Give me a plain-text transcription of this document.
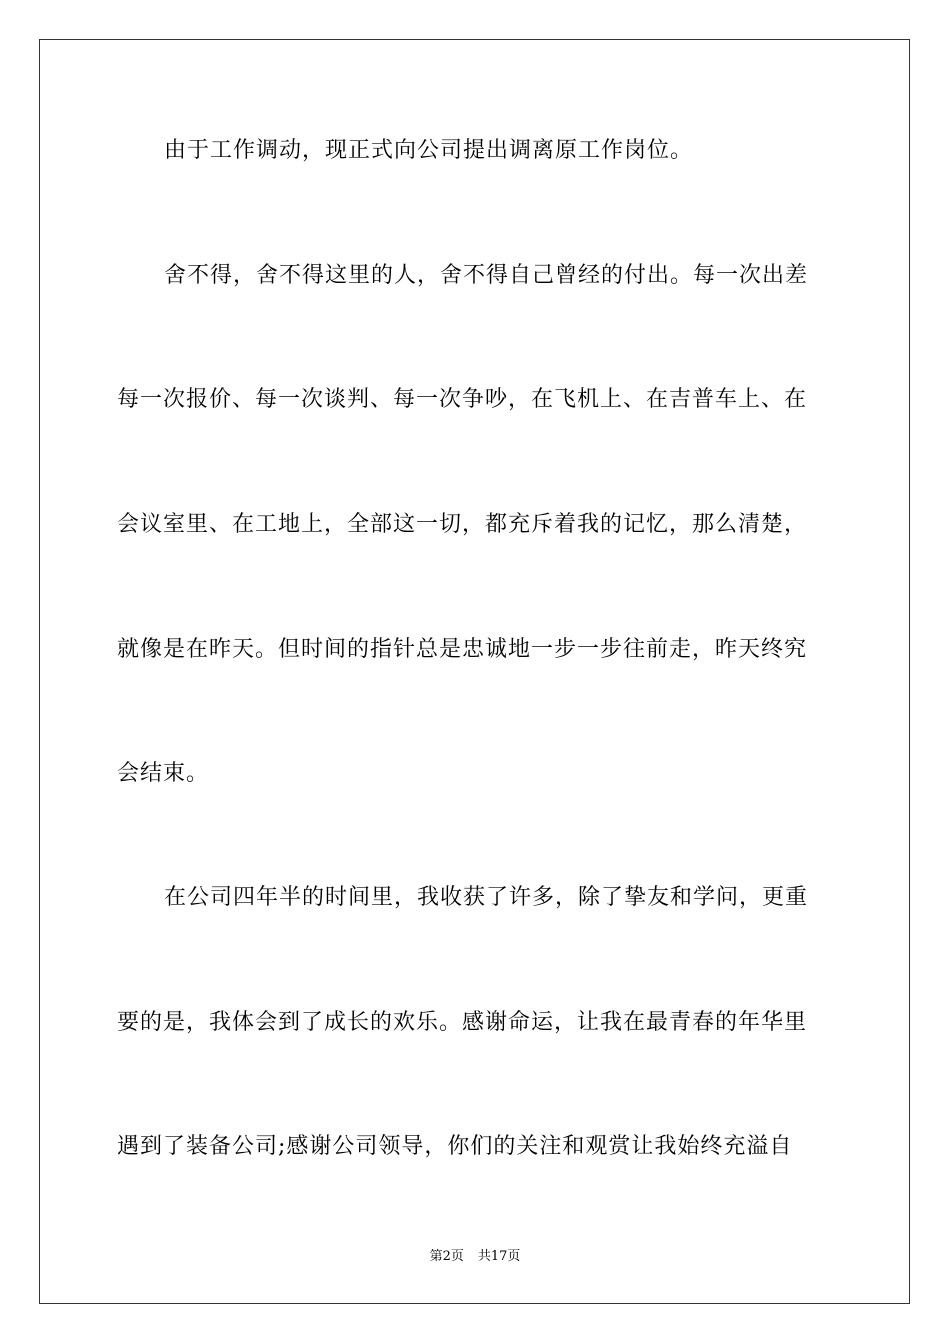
由于工作调动，现正式向公司提出调离原工作岗位。
舍不得，舍不得这里的人，舍不得自己曾经的付出。每一次出差
每一次报价、每一次谈判、每一次争吵，在飞机上、在吉普车上、在
会议室里、在工地上，全部这一切，都充斥着我的记忆，那么清楚，
就像是在昨天。但时间的指针总是忠诚地一步一步往前走，昨天终究
会结束。
在公司四年半的时间里，我收获了许多，除了挚友和学问，更重
要的是，我体会到了成长的欢乐。感谢命运，让我在最青春的年华里
遇到了装备公司;感谢公司领导，你们的关注和观赏让我始终充溢自
第2页 共17页
